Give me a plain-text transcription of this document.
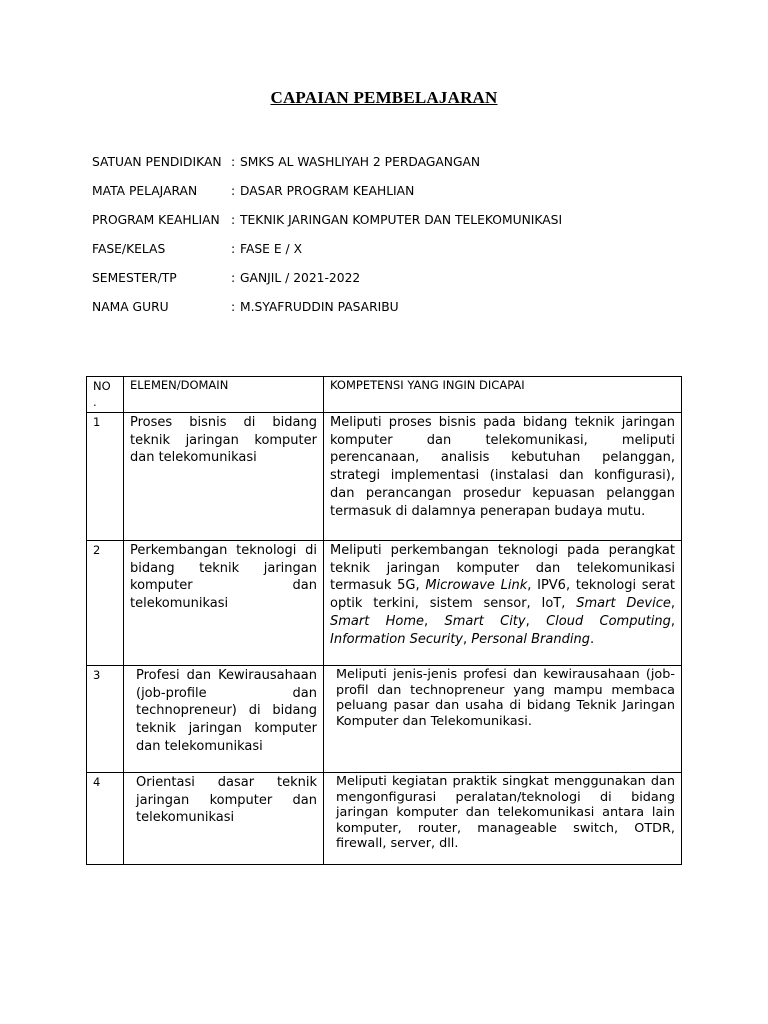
CAPAIAN PEMBELAJARAN
SATUAN PENDIDIKAN : SMKS AL WASHLIYAH 2 PERDAGANGAN
MATA PELAJARAN	: DASAR PROGRAM KEAHLIAN
PROGRAM KEAHLIAN : TEKNIK JARINGAN KOMPUTER DAN TELEKOMUNIKASI
FASE/KELAS	: FASE E / X
SEMESTER/TP	: GANJIL / 2021-2022
NAMA GURU	: M.SYAFRUDDIN PASARIBU
NO .	ELEMEN/DOMAIN	KOMPETENSI YANG INGIN DICAPAI
1	Proses bisnis di bidang teknik jaringan komputer dan telekomunikasi	Meliputi proses bisnis pada bidang teknik jaringan komputer dan telekomunikasi, meliputi perencanaan, analisis kebutuhan pelanggan, strategi implementasi (instalasi dan konfigurasi), dan perancangan prosedur kepuasan pelanggan termasuk di dalamnya penerapan budaya mutu.
2	Perkembangan teknologi di bidang teknik jaringan komputer dan telekomunikasi	Meliputi perkembangan teknologi pada perangkat teknik jaringan komputer dan telekomunikasi termasuk 5G, Microwave Link, IPV6, teknologi serat optik terkini, sistem sensor, IoT, Smart Device, Smart Home, Smart City, Cloud Computing, Information Security, Personal Branding.
3	Profesi dan Kewirausahaan (job-profile dan technopreneur) di bidang teknik jaringan komputer dan telekomunikasi	Meliputi jenis-jenis profesi dan kewirausahaan (job-profil dan technopreneur yang mampu membaca peluang pasar dan usaha di bidang Teknik Jaringan Komputer dan Telekomunikasi.
4	Orientasi dasar teknik jaringan komputer dan telekomunikasi	Meliputi kegiatan praktik singkat menggunakan dan mengonfigurasi peralatan/teknologi di bidang jaringan komputer dan telekomunikasi antara lain komputer, router, manageable switch, OTDR, firewall, server, dll.
